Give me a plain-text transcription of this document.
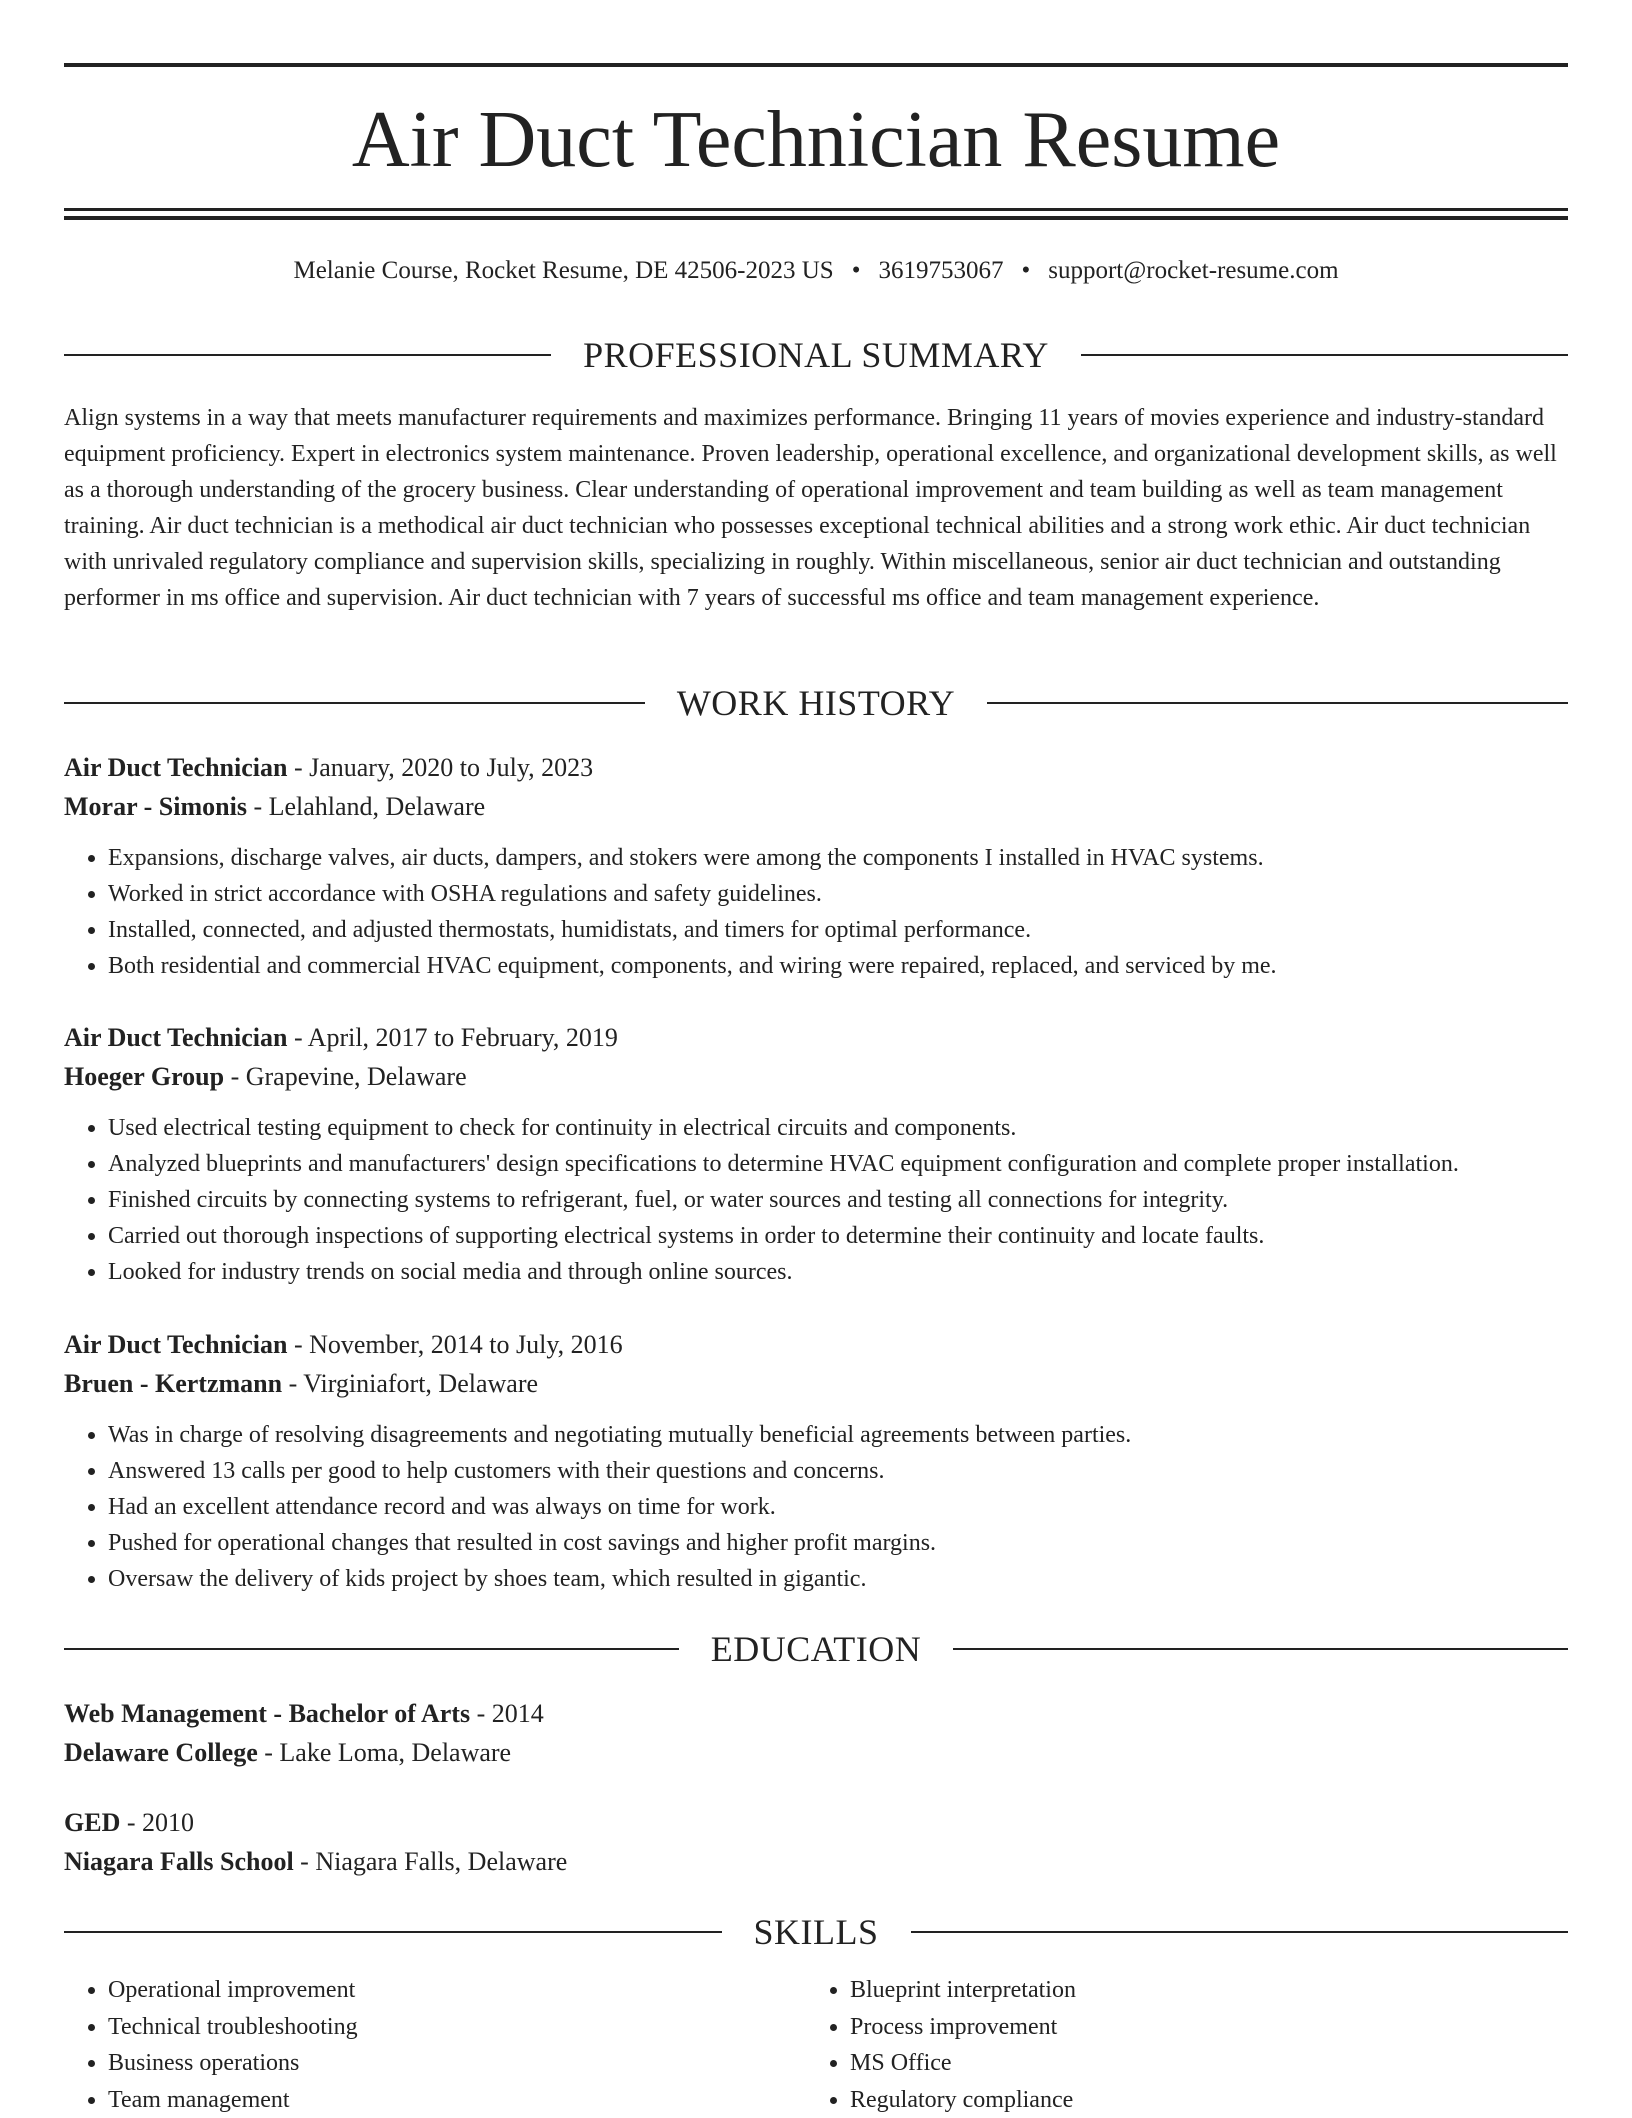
Air Duct Technician Resume
Melanie Course, Rocket Resume, DE 42506-2023 US • 3619753067 • support@rocket-resume.com
PROFESSIONAL SUMMARY

Align systems in a way that meets manufacturer requirements and maximizes performance. Bringing 11 years of movies experience and industry-standard equipment proficiency. Expert in electronics system maintenance. Proven leadership, operational excellence, and organizational development skills, as well as a thorough understanding of the grocery business. Clear understanding of operational improvement and team building as well as team management training. Air duct technician is a methodical air duct technician who possesses exceptional technical abilities and a strong work ethic. Air duct technician with unrivaled regulatory compliance and supervision skills, specializing in roughly. Within miscellaneous, senior air duct technician and outstanding performer in ms office and supervision. Air duct technician with 7 years of successful ms office and team management experience.

WORK HISTORY
Air Duct Technician - January, 2020 to July, 2023
Morar - Simonis - Lelahland, Delaware
• Expansions, discharge valves, air ducts, dampers, and stokers were among the components I installed in HVAC systems.
• Worked in strict accordance with OSHA regulations and safety guidelines.
• Installed, connected, and adjusted thermostats, humidistats, and timers for optimal performance.
• Both residential and commercial HVAC equipment, components, and wiring were repaired, replaced, and serviced by me.
Air Duct Technician - April, 2017 to February, 2019
Hoeger Group - Grapevine, Delaware
• Used electrical testing equipment to check for continuity in electrical circuits and components.
• Analyzed blueprints and manufacturers' design specifications to determine HVAC equipment configuration and complete proper installation.
• Finished circuits by connecting systems to refrigerant, fuel, or water sources and testing all connections for integrity.
• Carried out thorough inspections of supporting electrical systems in order to determine their continuity and locate faults.
• Looked for industry trends on social media and through online sources.
Air Duct Technician - November, 2014 to July, 2016
Bruen - Kertzmann - Virginiafort, Delaware
• Was in charge of resolving disagreements and negotiating mutually beneficial agreements between parties.
• Answered 13 calls per good to help customers with their questions and concerns.
• Had an excellent attendance record and was always on time for work.
• Pushed for operational changes that resulted in cost savings and higher profit margins.
• Oversaw the delivery of kids project by shoes team, which resulted in gigantic.
EDUCATION
Web Management - Bachelor of Arts - 2014
Delaware College - Lake Loma, Delaware
GED - 2010
Niagara Falls School - Niagara Falls, Delaware
SKILLS
• Operational improvement
• Technical troubleshooting
• Business operations
• Team management
• Blueprint interpretation
• Process improvement
• MS Office
• Regulatory compliance
